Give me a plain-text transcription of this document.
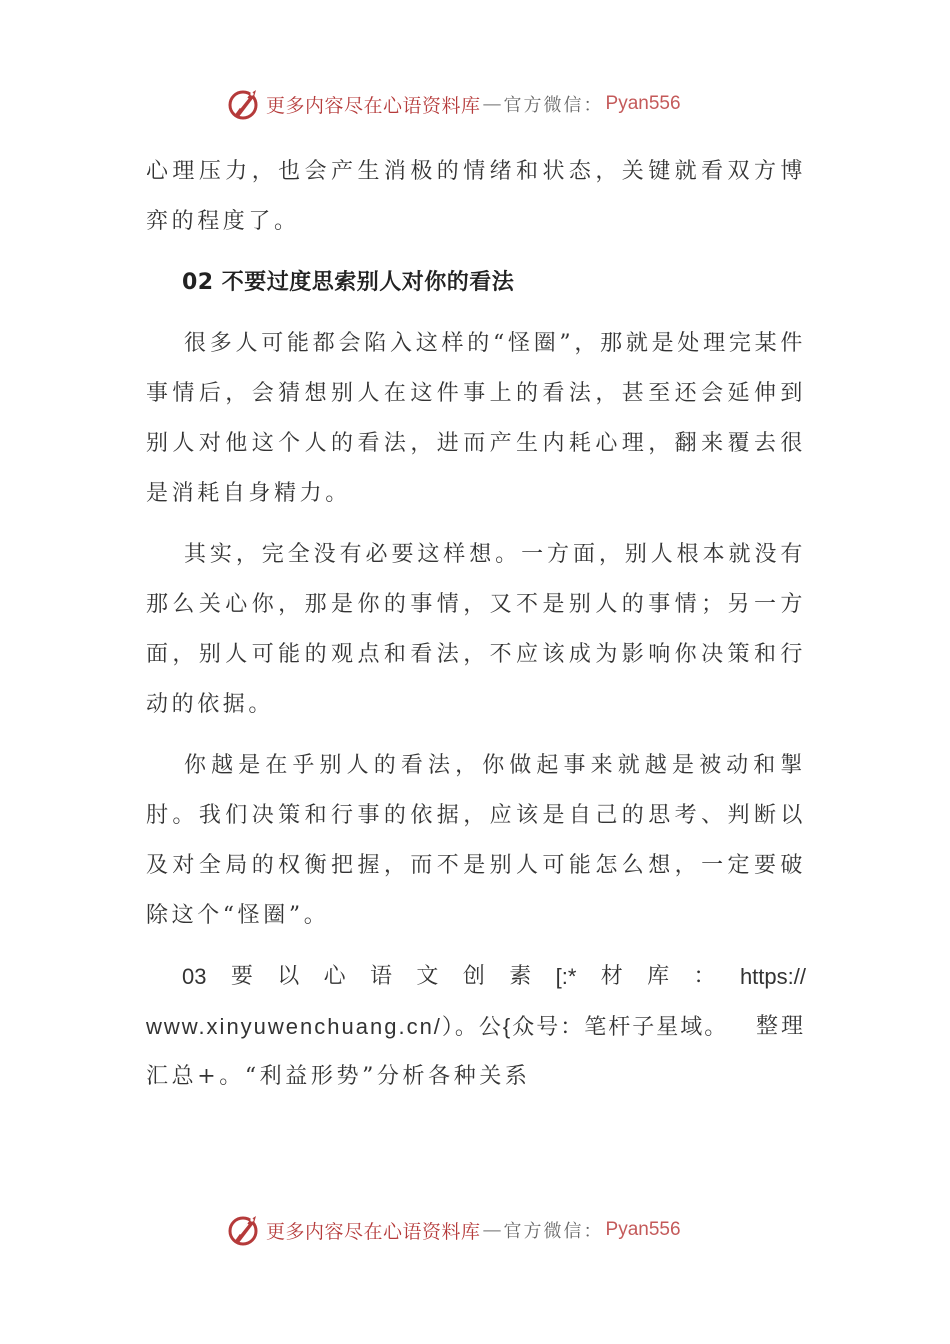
更多内容尽在心语资料库 — 官方微信： Pyan556

心理压力，也会产生消极的情绪和状态，关键就看双方博弈的程度了。

02 不要过度思索别人对你的看法

很多人可能都会陷入这样的“怪圈”，那就是处理完某件事情后，会猜想别人在这件事上的看法，甚至还会延伸到别人对他这个人的看法，进而产生内耗心理，翻来覆去很是消耗自身精力。

其实，完全没有必要这样想。一方面，别人根本就没有那么关心你，那是你的事情，又不是别人的事情；另一方面，别人可能的观点和看法，不应该成为影响你决策和行动的依据。

你越是在乎别人的看法，你做起事来就越是被动和掣肘。我们决策和行事的依据，应该是自己的思考、判断以及对全局的权衡把握，而不是别人可能怎么想，一定要破除这个“怪圈”。

03 要 以 心 语 文 创 素 [:* 材 库 ： https://
www.xinyuwenchuang.cn/）。公{众号：笔杆子星域。 整理
汇总+。“利益形势”分析各种关系
更多内容尽在心语资料库 — 官方微信： Pyan556
